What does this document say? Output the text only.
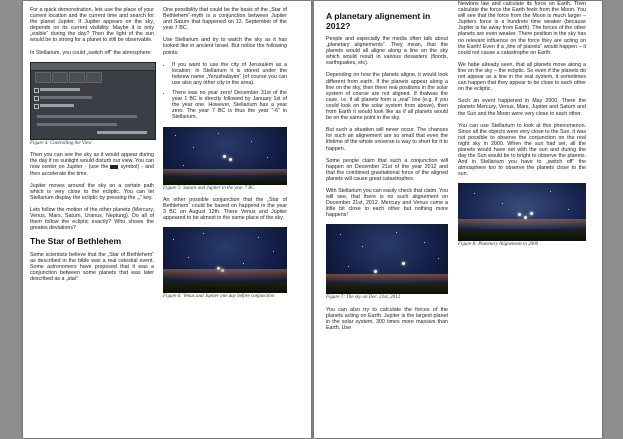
For a quick demonstration, lets use the place of your current location and the current time and search for the planet Jupiter. If Jupiter appears on the sky, depends on its current visibility. Maybe it is only „visible“ during the day? Then the light of the sun would be to strong for a planet to still be observable.

In Stellarium, you could „switch off“ the atmosphere:

Figure 4: Controlling the View

Then you can see the sky as it would appear during the day if no sunlight would disturb our view. You can now center on Jupiter - (use the symbol) - and then accelerate the time.

Jupiter moves around the sky on a certain path which is very close to the ecliptic. You can let Stellarium display the ecliptic by pressing the „,“ key.

Lets follow the motion of the other planets (Mercury, Venus, Mars, Saturn, Uranus, Neptung). Do all of them follow the ecliptic exactly? Who shows the greates deviations?

The Star of Bethlehem

Some scientists believe that the „Star of Bethlehem“ as described in the bible was a real celestial event. Some astronomers have proposed that it was a conjunction between some planets that was later described as a „star“

One possibility that could be the basis of the „Star of Bethlehem“-myth is a conjunction between Jupiter and Saturn that happened on 12. September of the year 7 BC.

Use Stellarium and try to watch the sky as it has looked like in ancient Israel. But notice the following points:

• If you want to use the city of Jerusalem as a location: in Stellarium it is stored under the hebrew name „Yerushaláyim“ (of course you can use also any other city in the area).
• There was no year zero! December 31st of the year 1 BC is directly followed by January 1st of the year one. However, Stellarium has a year zero. The year 7 BC is thus the year "-6" in Stellarium.
Figure 5: Saturn and Jupiter in the year 7 BC

An other possible conjunction that the „Star of Bethlehem“ could be based on happend in the year 3 BC on August 12th. There Venus and Jupiter appeared to be almost in the same place of the sky.

Figure 6: Venus and Jupiter one day before conjunction
A planetary alignement in 2012?

People and especially the media often talk about „planetary alignements“. They mean, that the planets would all aligne along a line on the sky which would result in various desasters (floods, earthquakes, etc).

Depending on how the planets aligne, it would look different from earth. If the planets appear along a line on the sky, then there real positions in the solar system of course are not aligned. If thatwas the case, i.e. if all planets form a „real“ line (e.g. if you could look on the solar system from above), then from Earth it would look like as if all planets would be on the same point in the sky.

But such a situation will never occur. The chances for such an alignement are so small that even the lifetime of the whole universe is way to short for it to happen.

Some people claim that such a conjunction will happen on December 21st of the year 2012 and that the combined gravitational force of the aligned planets will cause great catastrophes.

With Stellarium you can easily check that claim. You will see, that there is no such alignement on December 21st, 2012. Mercury and Venus come a little bit close to each other but nothing more happens!

Figure 7: The sky on Dec. 21st, 2012

You can also try to calculate the forces of the planets acting on Earth. Jupiter is the largest planet in the solar system, 300 times more massive than Earth. Use

Newtons law and calculate its force on Earth. Then calculate the force the Earth feels from the Moon. You will see that the force from the Moon is much larger – Jupiters force is a hundrets time weaker (because Jupiter is far away from Earth). The forces of the other planets are even weaker. There position in the sky has no relevant influence on the force they are acting on the Earth! Even if a „line of planets“ would happen – it could not cause a catastrophe on Earth.

We habe already seen, that all planets move along a line on the sky – the ecliptic. So even if the planets do not appear as a line in the real system, it sometimes can happen that they appear to be close to each other on the ecliptic.

Such an event happened in May 2000. There the planets Mercury, Venus, Mars, Jupiter and Saturn and the Sun and the Moon were very close to each other.

You can use Stellarium to look at this phenomenon. Since all the objects were very close to the Sun, it was not possible to observe the conjunction on the real night sky in 2000. When the sun had set, all the planets would have set with the sun and during the day the Sun would be to bright to observe the planets. And in Stellarium you have to „switch off“ the atmosphere too to observe the planets close to the sun.

Figure 8: Planetary Alignement in 2000
